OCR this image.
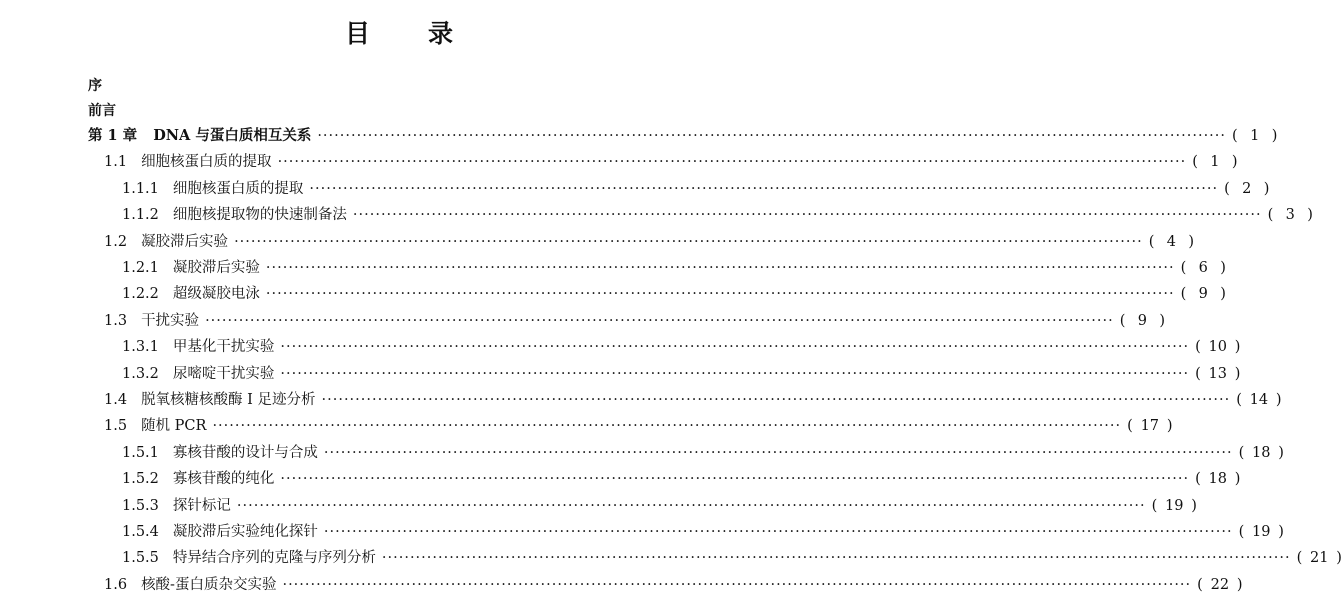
目 录
序
前言
第 1 章 DNA 与蛋白质相互关系 ·····	( 1 )
1.1 细胞核蛋白质的提取 ·····	( 1 )
1.1.1 细胞核蛋白质的提取 ·····	( 2 )
1.1.2 细胞核提取物的快速制备法 ·····	( 3 )
1.2 凝胶滞后实验 ·····	( 4 )
1.2.1 凝胶滞后实验 ·····	( 6 )
1.2.2 超级凝胶电泳 ·····	( 9 )
1.3 干扰实验 ·····	( 9 )
1.3.1 甲基化干扰实验 ·····	( 10 )
1.3.2 尿嘧啶干扰实验 ·····	( 13 )
1.4 脱氧核糖核酸酶 I 足迹分析 ·····	( 14 )
1.5 随机 PCR ·····	( 17 )
1.5.1 寡核苷酸的设计与合成 ·····	( 18 )
1.5.2 寡核苷酸的纯化 ·····	( 18 )
1.5.3 探针标记 ·····	( 19 )
1.5.4 凝胶滞后实验纯化探针 ·····	( 19 )
1.5.5 特异结合序列的克隆与序列分析 ·····	( 21 )
1.6 核酸-蛋白质杂交实验 ·····	( 22 )
